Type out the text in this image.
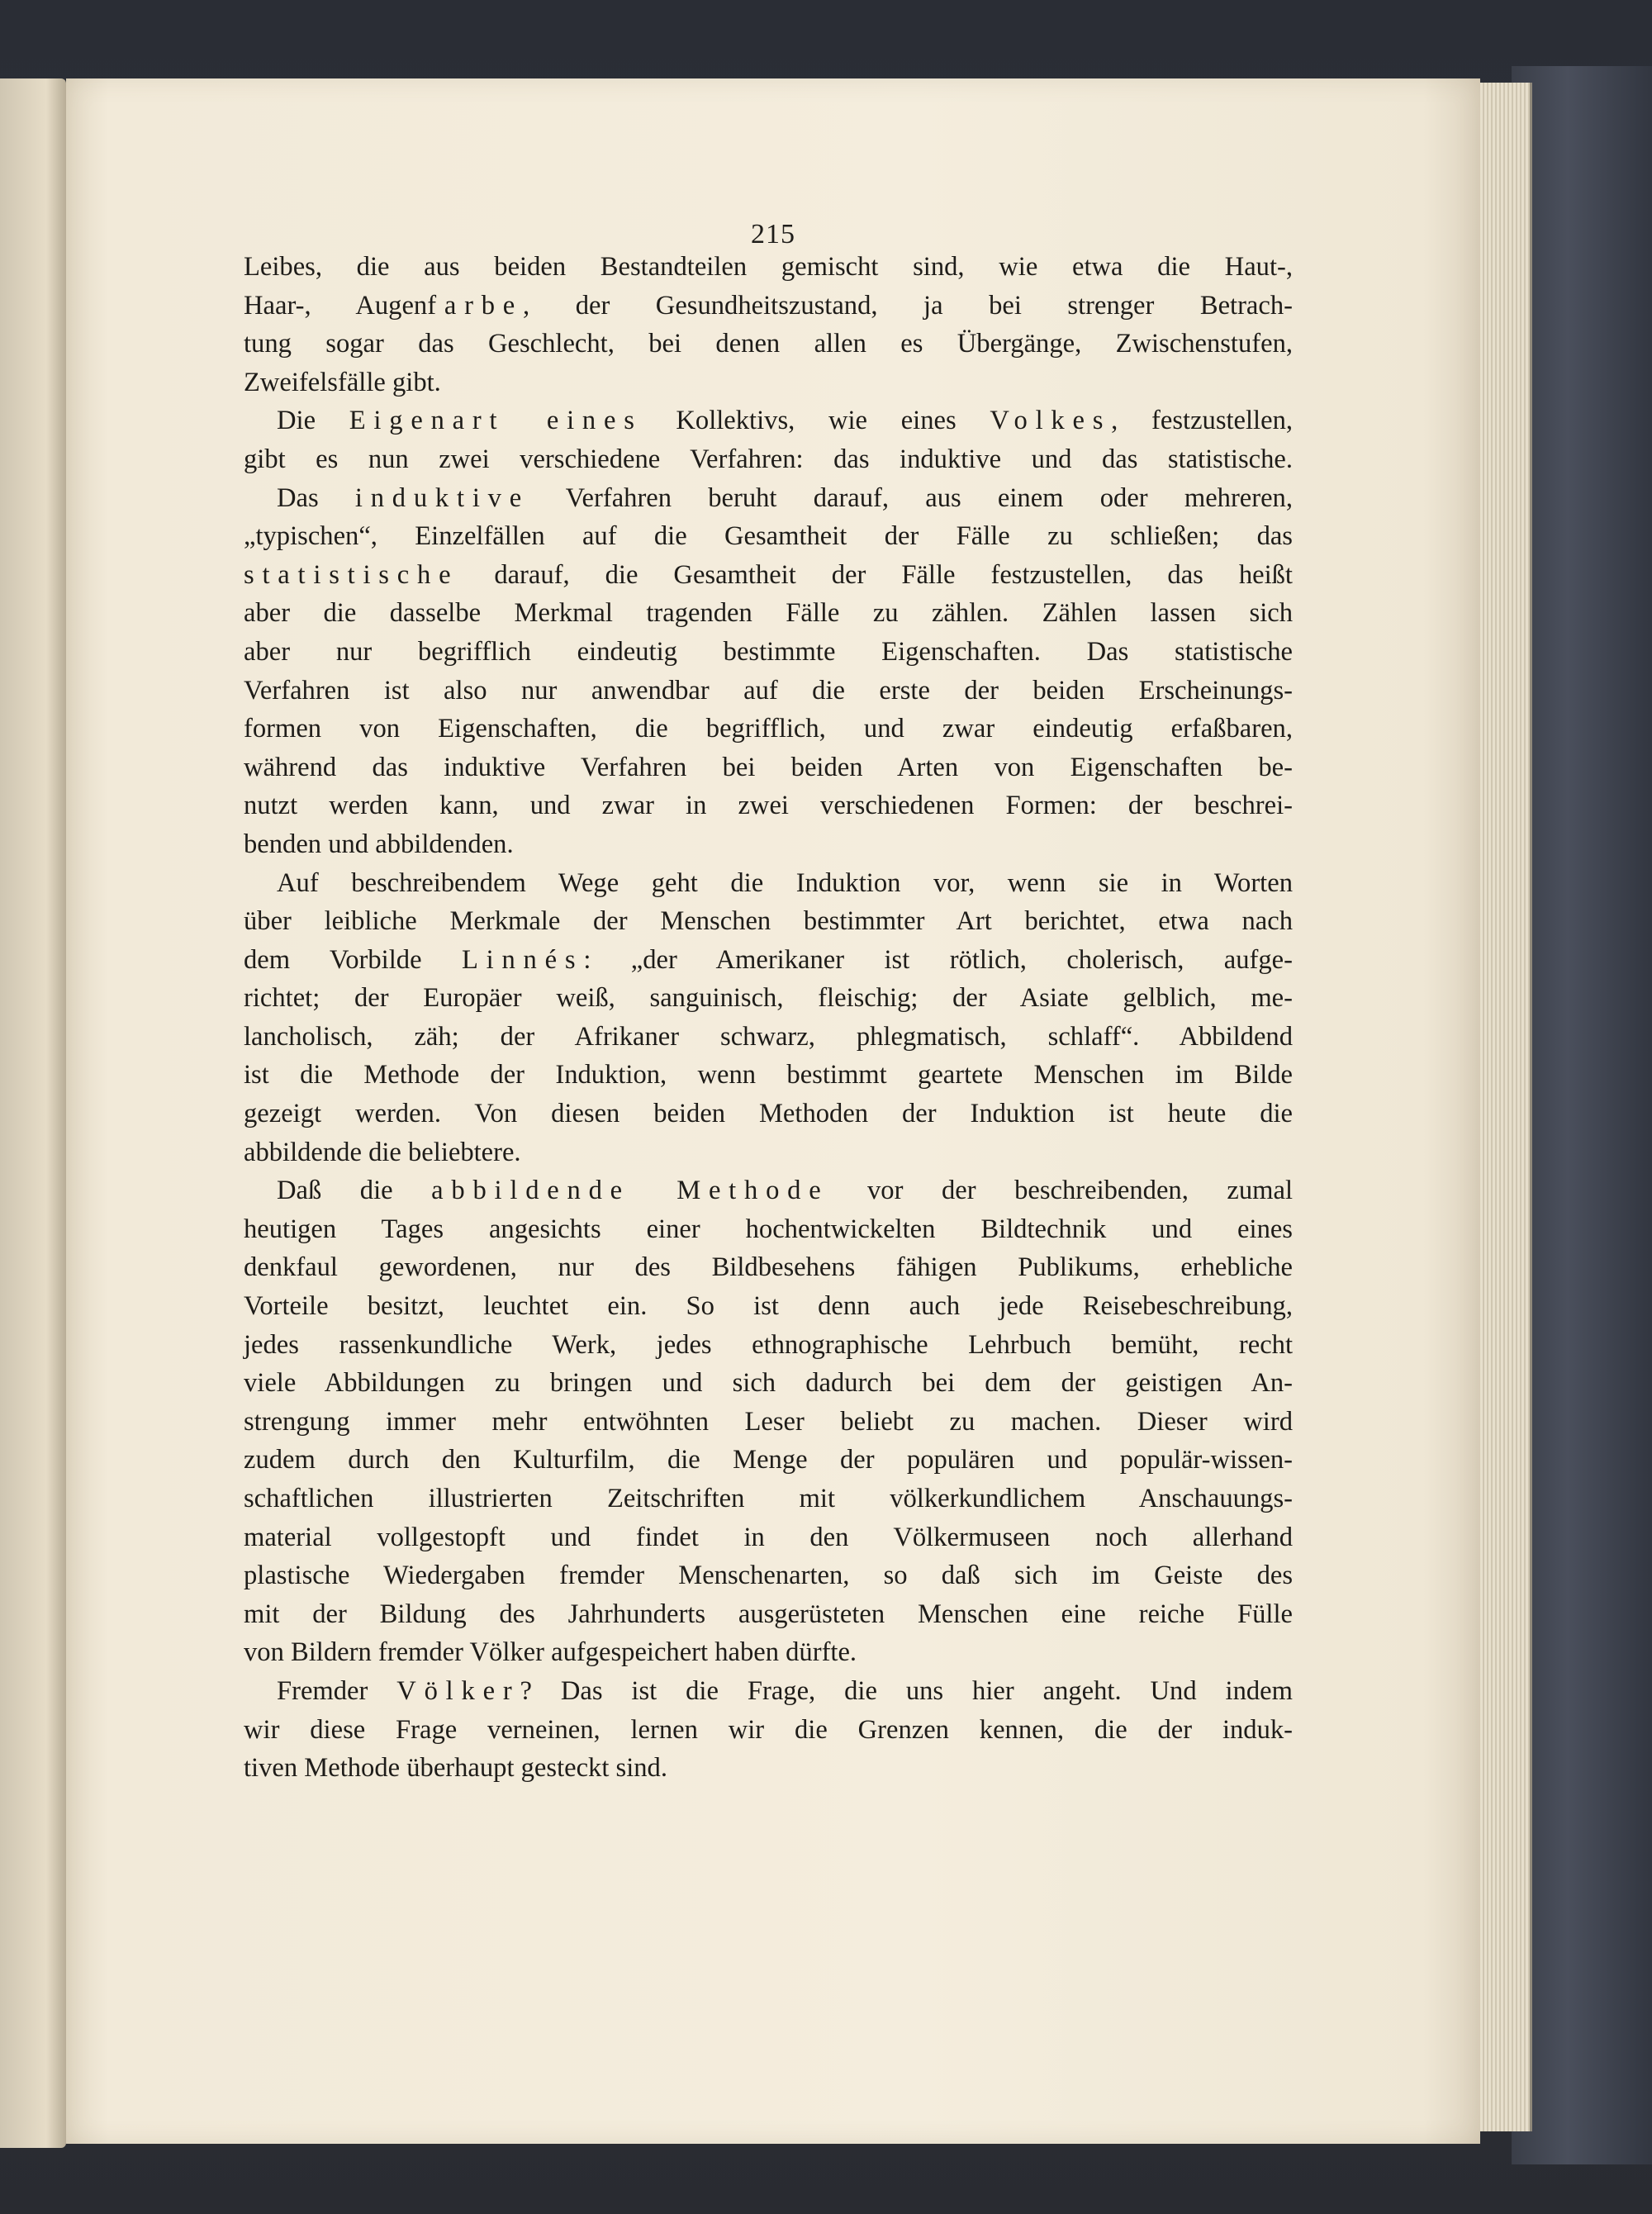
215
Leibes, die aus beiden Bestandteilen gemischt sind, wie etwa die Haut-,
Haar-, Augenfarbe, der Gesundheitszustand, ja bei strenger Betrach-
tung sogar das Geschlecht, bei denen allen es Übergänge, Zwischenstufen,
Zweifelsfälle gibt.
Die Eigenart eines Kollektivs, wie eines Volkes, festzustellen,
gibt es nun zwei verschiedene Verfahren: das induktive und das statistische.
Das induktive Verfahren beruht darauf, aus einem oder mehreren,
„typischen“, Einzelfällen auf die Gesamtheit der Fälle zu schließen; das
statistische darauf, die Gesamtheit der Fälle festzustellen, das heißt
aber die dasselbe Merkmal tragenden Fälle zu zählen. Zählen lassen sich
aber nur begrifflich eindeutig bestimmte Eigenschaften. Das statistische
Verfahren ist also nur anwendbar auf die erste der beiden Erscheinungs-
formen von Eigenschaften, die begrifflich, und zwar eindeutig erfaßbaren,
während das induktive Verfahren bei beiden Arten von Eigenschaften be-
nutzt werden kann, und zwar in zwei verschiedenen Formen: der beschrei-
benden und abbildenden.
Auf beschreibendem Wege geht die Induktion vor, wenn sie in Worten
über leibliche Merkmale der Menschen bestimmter Art berichtet, etwa nach
dem Vorbilde Linnés: „der Amerikaner ist rötlich, cholerisch, aufge-
richtet; der Europäer weiß, sanguinisch, fleischig; der Asiate gelblich, me-
lancholisch, zäh; der Afrikaner schwarz, phlegmatisch, schlaff“. Abbildend
ist die Methode der Induktion, wenn bestimmt geartete Menschen im Bilde
gezeigt werden. Von diesen beiden Methoden der Induktion ist heute die
abbildende die beliebtere.
Daß die abbildende Methode vor der beschreibenden, zumal
heutigen Tages angesichts einer hochentwickelten Bildtechnik und eines
denkfaul gewordenen, nur des Bildbesehens fähigen Publikums, erhebliche
Vorteile besitzt, leuchtet ein. So ist denn auch jede Reisebeschreibung,
jedes rassenkundliche Werk, jedes ethnographische Lehrbuch bemüht, recht
viele Abbildungen zu bringen und sich dadurch bei dem der geistigen An-
strengung immer mehr entwöhnten Leser beliebt zu machen. Dieser wird
zudem durch den Kulturfilm, die Menge der populären und populär-wissen-
schaftlichen illustrierten Zeitschriften mit völkerkundlichem Anschauungs-
material vollgestopft und findet in den Völkermuseen noch allerhand
plastische Wiedergaben fremder Menschenarten, so daß sich im Geiste des
mit der Bildung des Jahrhunderts ausgerüsteten Menschen eine reiche Fülle
von Bildern fremder Völker aufgespeichert haben dürfte.
Fremder Völker? Das ist die Frage, die uns hier angeht. Und indem
wir diese Frage verneinen, lernen wir die Grenzen kennen, die der induk-
tiven Methode überhaupt gesteckt sind.
